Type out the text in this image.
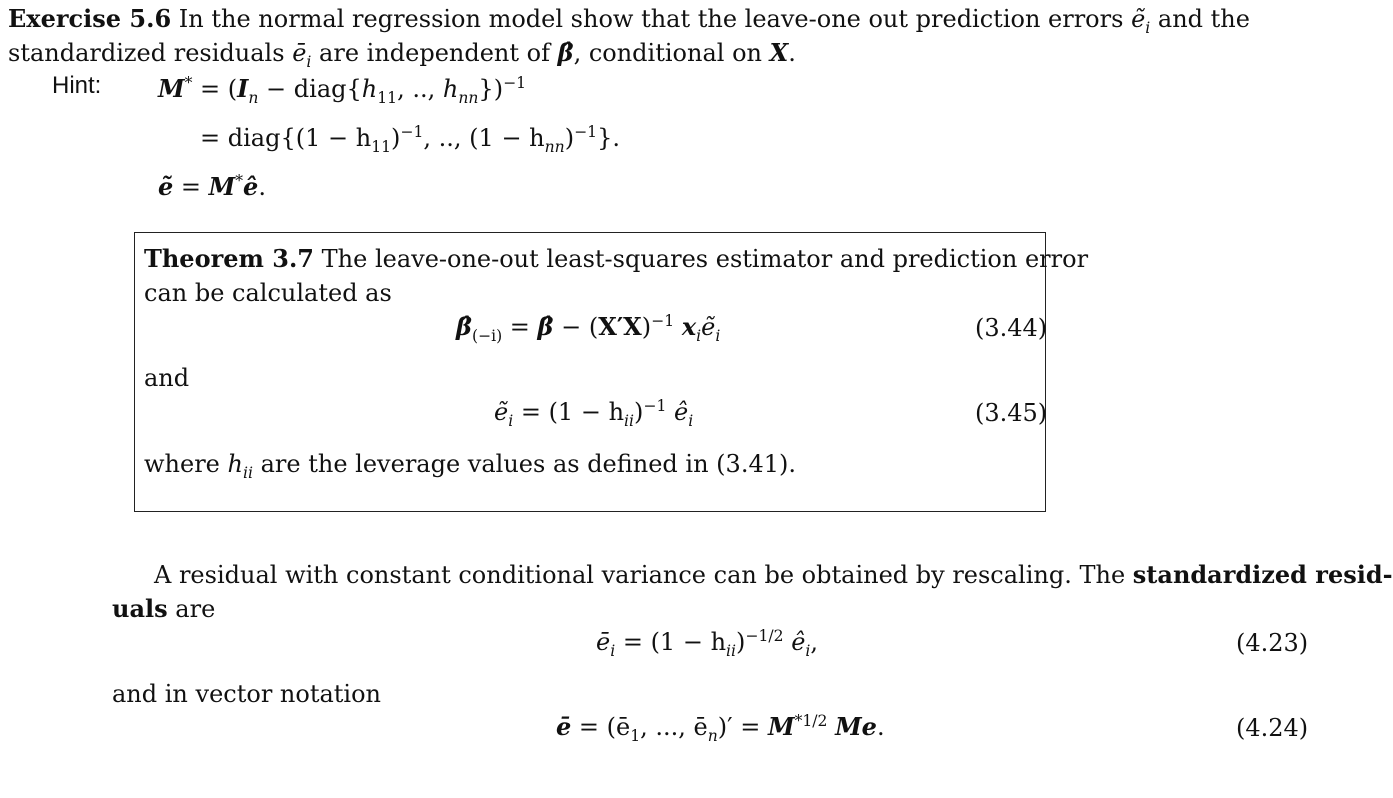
Exercise 5.6 In the normal regression model show that the leave-one out prediction errors ẽ$_i$ and the
standardized residuals $ē_i$ are independent of β̂, conditional on X.
Hint: $M^* = (I_n$ − $diag\{h_{11}$, .., $h_{nn}\})^{-1}$
= diag{(1 − $h_{11})^{-1}$, .., $(1 - h_{nn})^{-1}$}.
ẽ = M*ê.
Theorem 3.7 The leave-one-out least-squares estimator and prediction error
can be calculated as
$\betâ_{(-i)}$ = β̂ − $(X'X)^{-1}$ $x_iẽ_i$	(3.44)
and
ẽ$_i$ = $(1 - h_{ii})^{-1}$ $ê_i$	(3.45)
where $h_{ii}$ are the leverage values as defined in (3.41).
A residual with constant conditional variance can be obtained by rescaling. The standardized resid-
uals are
$ē_i = (1 - h_{ii})^{-1/2}$ $ê_i$,	(4.23)
and in vector notation
ē = ($ē_1$, ..., $ē_n)' = M^{*1/2}$ Me.	(4.24)
